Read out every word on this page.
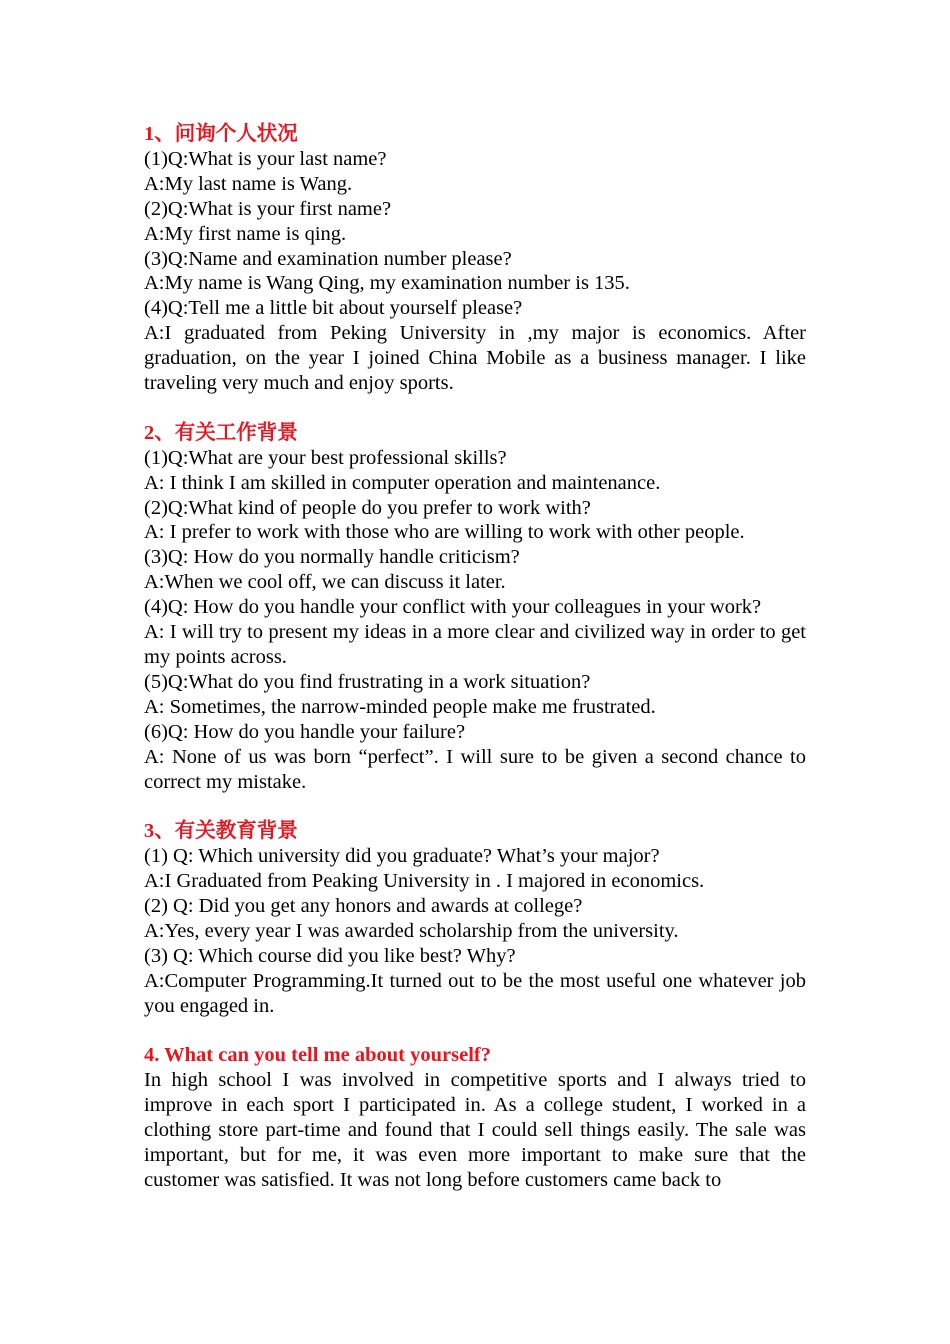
1、问询个人状况

(1)Q:What is your last name?

A:My last name is Wang.

(2)Q:What is your first name?

A:My first name is qing.

(3)Q:Name and examination number please?

A:My name is Wang Qing, my examination number is 135.

(4)Q:Tell me a little bit about yourself please?

A:I graduated from Peking University in ,my major is economics. After graduation, on the year I joined China Mobile as a business manager. I like traveling very much and enjoy sports.

2、有关工作背景

(1)Q:What are your best professional skills?

A: I think I am skilled in computer operation and maintenance.

(2)Q:What kind of people do you prefer to work with?

A: I prefer to work with those who are willing to work with other people.

(3)Q: How do you normally handle criticism?

A:When we cool off, we can discuss it later.

(4)Q: How do you handle your conflict with your colleagues in your work?

A: I will try to present my ideas in a more clear and civilized way in order to get my points across.

(5)Q:What do you find frustrating in a work situation?

A: Sometimes, the narrow-minded people make me frustrated.

(6)Q: How do you handle your failure?

A: None of us was born “perfect”. I will sure to be given a second chance to correct my mistake.

3、有关教育背景

(1) Q: Which university did you graduate? What’s your major?

A:I Graduated from Peaking University in . I majored in economics.

(2) Q: Did you get any honors and awards at college?

A:Yes, every year I was awarded scholarship from the university.

(3) Q: Which course did you like best? Why?

A:Computer Programming.It turned out to be the most useful one whatever job you engaged in.

4. What can you tell me about yourself?

In high school I was involved in competitive sports and I always tried to improve in each sport I participated in. As a college student, I worked in a clothing store part-time and found that I could sell things easily. The sale was important, but for me, it was even more important to make sure that the customer was satisfied. It was not long before customers came back to
